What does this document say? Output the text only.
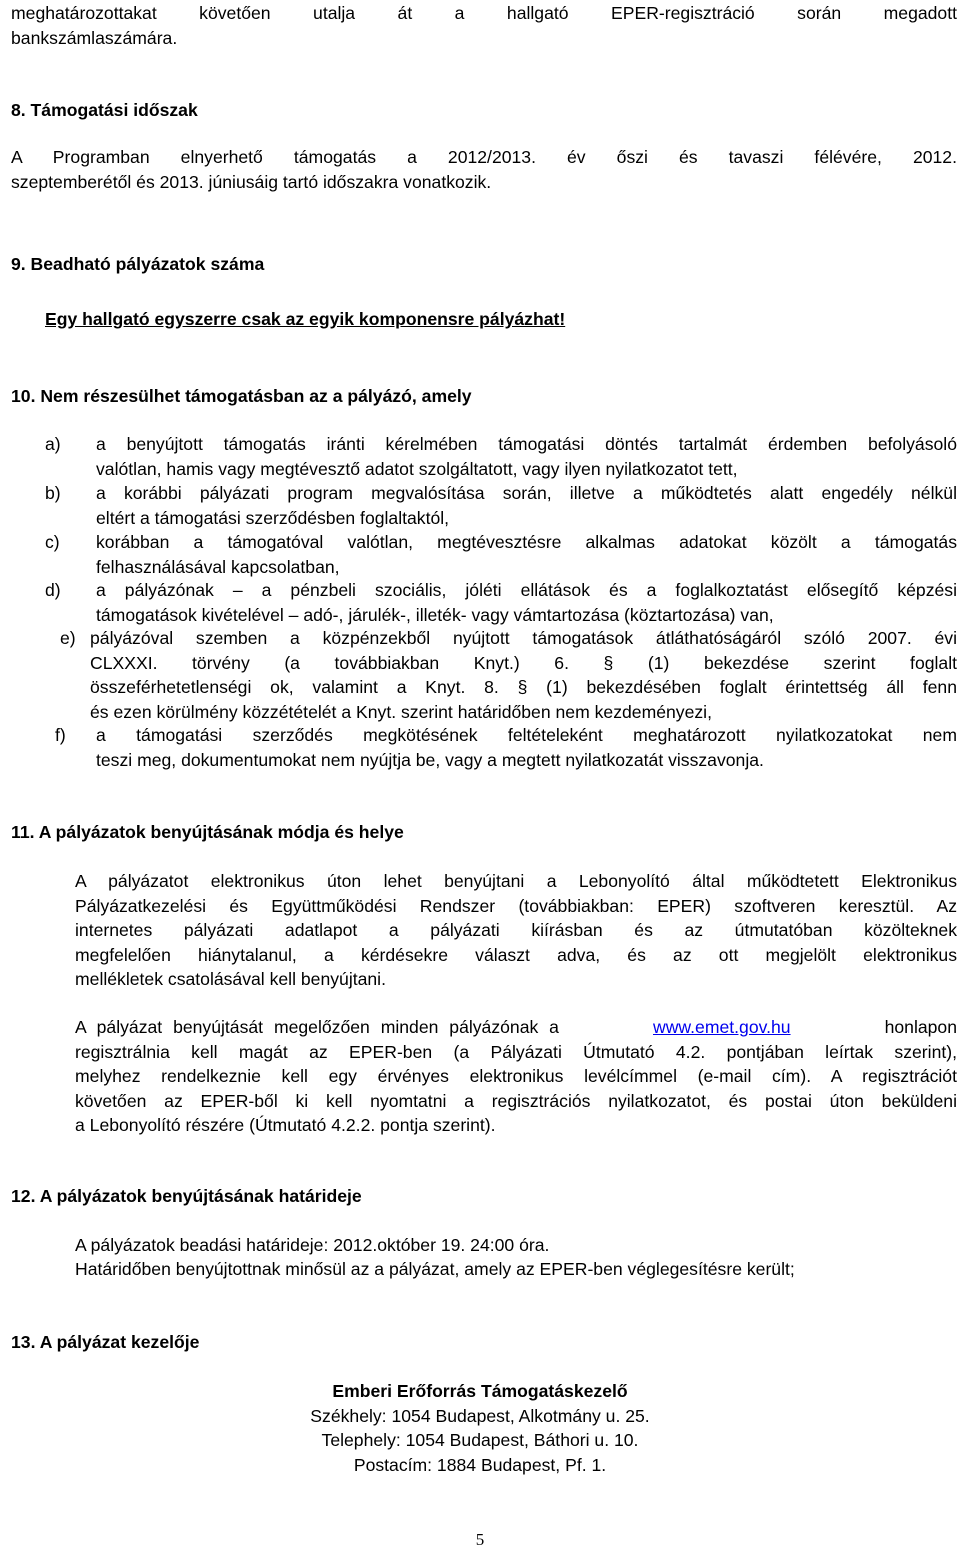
meghatározottakat követően utalja át a hallgató EPER-regisztráció során megadott
bankszámlaszámára.
8. Támogatási időszak
A Programban elnyerhető támogatás a 2012/2013. év őszi és tavaszi félévére, 2012.
szeptemberétől és 2013. júniusáig tartó időszakra vonatkozik.
9. Beadható pályázatok száma
Egy hallgató egyszerre csak az egyik komponensre pályázhat!
10. Nem részesülhet támogatásban az a pályázó, amely
a) a benyújtott támogatás iránti kérelmében támogatási döntés tartalmát érdemben befolyásoló
valótlan, hamis vagy megtévesztő adatot szolgáltatott, vagy ilyen nyilatkozatot tett,
b) a korábbi pályázati program megvalósítása során, illetve a működtetés alatt engedély nélkül
eltért a támogatási szerződésben foglaltaktól,
c) korábban a támogatóval valótlan, megtévesztésre alkalmas adatokat közölt a támogatás
felhasználásával kapcsolatban,
d) a pályázónak – a pénzbeli szociális, jóléti ellátások és a foglalkoztatást elősegítő képzési
támogatások kivételével – adó-, járulék-, illeték- vagy vámtartozása (köztartozása) van,
e) pályázóval szemben a közpénzekből nyújtott támogatások átláthatóságáról szóló 2007. évi
CLXXXI. törvény (a továbbiakban Knyt.) 6. § (1) bekezdése szerint foglalt
összeférhetetlenségi ok, valamint a Knyt. 8. § (1) bekezdésében foglalt érintettség áll fenn
és ezen körülmény közzétételét a Knyt. szerint határidőben nem kezdeményezi,
f) a támogatási szerződés megkötésének feltételeként meghatározott nyilatkozatokat nem
teszi meg, dokumentumokat nem nyújtja be, vagy a megtett nyilatkozatát visszavonja.
11. A pályázatok benyújtásának módja és helye
A pályázatot elektronikus úton lehet benyújtani a Lebonyolító által működtetett Elektronikus
Pályázatkezelési és Együttműködési Rendszer (továbbiakban: EPER) szoftveren keresztül. Az
internetes pályázati adatlapot a pályázati kiírásban és az útmutatóban közölteknek
megfelelően hiánytalanul, a kérdésekre választ adva, és az ott megjelölt elektronikus
mellékletek csatolásával kell benyújtani.
A pályázat benyújtását megelőzően minden pályázónak a	www.emet.gov.hu	honlapon
regisztrálnia kell magát az EPER-ben (a Pályázati Útmutató 4.2. pontjában leírtak szerint),
melyhez rendelkeznie kell egy érvényes elektronikus levélcímmel (e-mail cím). A regisztrációt
követően az EPER-ből ki kell nyomtatni a regisztrációs nyilatkozatot, és postai úton beküldeni
a Lebonyolító részére (Útmutató 4.2.2. pontja szerint).
12. A pályázatok benyújtásának határideje
A pályázatok beadási határideje: 2012.október 19. 24:00 óra.
Határidőben benyújtottnak minősül az a pályázat, amely az EPER-ben véglegesítésre került;
13. A pályázat kezelője
Emberi Erőforrás Támogatáskezelő
Székhely: 1054 Budapest, Alkotmány u. 25.
Telephely: 1054 Budapest, Báthori u. 10.
Postacím: 1884 Budapest, Pf. 1.
5
